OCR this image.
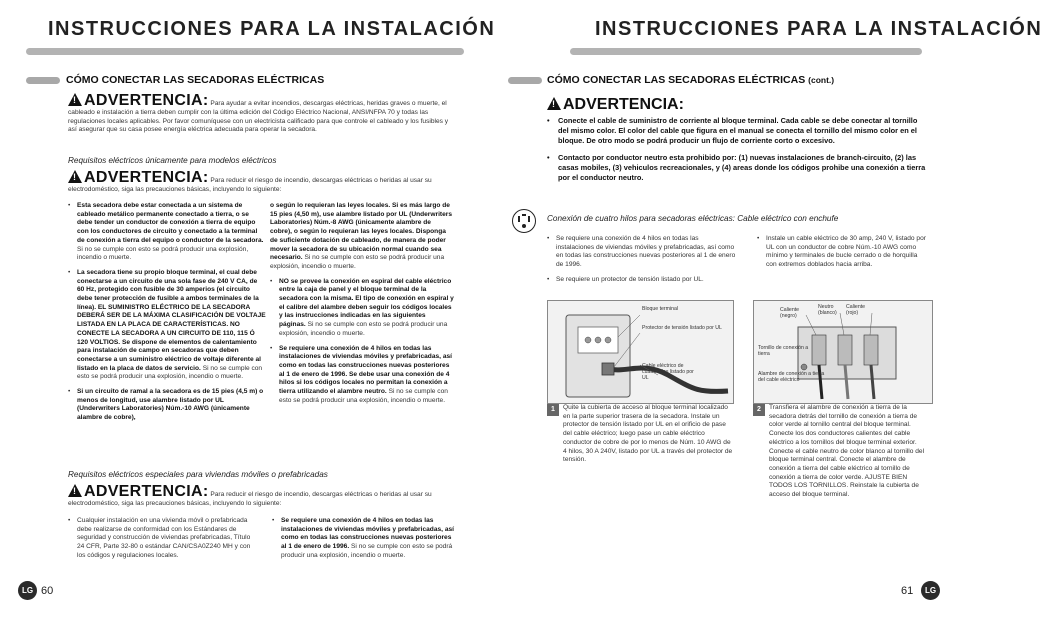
INSTRUCCIONES PARA LA INSTALACIÓN
CÓMO CONECTAR LAS SECADORAS ELÉCTRICAS
!ADVERTENCIA: Para ayudar a evitar incendios, descargas eléctricas, heridas graves o muerte, el cableado e instalación a tierra deben cumplir con la última edición del Código Eléctrico Nacional, ANSI/NFPA 70 y todas las regulaciones locales aplicables. Por favor comuníquese con un electricista calificado para que controle el cableado y los fusibles y así asegurar que su casa posee energía eléctrica adecuada para operar la secadora.
Requisitos eléctricos únicamente para modelos eléctricos
!ADVERTENCIA: Para reducir el riesgo de incendio, descargas eléctricas o heridas al usar su electrodoméstico, siga las precauciones básicas, incluyendo lo siguiente:
• Esta secadora debe estar conectada a un sistema de cableado metálico permanente conectado a tierra, o se debe tender un conductor de conexión a tierra de equipo con los conductores de circuito y conectado a la terminal de conexión a tierra del equipo o conductor de la secadora. Si no se cumple con esto se podrá producir una explosión, incendio o muerte.
• La secadora tiene su propio bloque terminal, el cual debe conectarse a un circuito de una sola fase de 240 V CA, de 60 Hz, protegido con fusible de 30 amperios (el circuito debe tener protección de fusible a ambos terminales de la línea). EL SUMINISTRO ELÉCTRICO DE LA SECADORA DEBERÁ SER DE LA MÁXIMA CLASIFICACIÓN DE VOLTAJE LISTADA EN LA PLACA DE CARACTERÍSTICAS. NO CONECTE LA SECADORA A UN CIRCUITO DE 110, 115 Ó 120 VOLTIOS. Se dispone de elementos de calentamiento para instalación de campo en secadoras que deben conectarse a un suministro eléctrico de voltaje diferente al listado en la placa de datos de servicio. Si no se cumple con esto se podrá producir una explosión, incendio o muerte.
• Si un circuito de ramal a la secadora es de 15 pies (4,5 m) o menos de longitud, use alambre listado por UL (Underwriters Laboratories) Núm.-10 AWG (únicamente alambre de cobre),
o según lo requieran las leyes locales. Si es más largo de 15 pies (4,50 m), use alambre listado por UL (Underwriters Laboratories) Núm.-8 AWG (únicamente alambre de cobre), o según lo requieran las leyes locales. Disponga de suficiente dotación de cableado, de manera de poder mover la secadora de su ubicación normal cuando sea necesario. Si no se cumple con esto se podrá producir una explosión, incendio o muerte.
• NO se provee la conexión en espiral del cable eléctrico entre la caja de panel y el bloque terminal de la secadora con la misma. El tipo de conexión en espiral y el calibre del alambre deben seguir los códigos locales y las instrucciones indicadas en las siguientes páginas. Si no se cumple con esto se podrá producir una explosión, incendio o muerte.
• Se requiere una conexión de 4 hilos en todas las instalaciones de viviendas móviles y prefabricadas, así como en todas las construcciones nuevas posteriores al 1 de enero de 1996. Se debe usar una conexión de 4 hilos si los códigos locales no permitan la conexión a tierra utilizando el alambre neutro. Si no se cumple con esto se podrá producir una explosión, incendio o muerte.
Requisitos eléctricos especiales para viviendas móviles o prefabricadas
!ADVERTENCIA: Para reducir el riesgo de incendio, descargas eléctricas o heridas al usar su electrodoméstico, siga las precauciones básicas, incluyendo lo siguiente:
• Cualquier instalación en una vivienda móvil o prefabricada debe realizarse de conformidad con los Estándares de seguridad y construcción de viviendas prefabricadas, Título 24 CFR, Parte 32-80 o estándar CAN/CSA0Z240 MH y con los códigos y regulaciones locales.
• Se requiere una conexión de 4 hilos en todas las instalaciones de viviendas móviles y prefabricadas, así como en todas las construcciones nuevas posteriores al 1 de enero de 1996. Si no se cumple con esto se podrá producir una explosión, incendio o muerte.
LG 60
INSTRUCCIONES PARA LA INSTALACIÓN
CÓMO CONECTAR LAS SECADORAS ELÉCTRICAS (cont.)
!ADVERTENCIA:
• Conecte el cable de suministro de corriente al bloque terminal. Cada cable se debe conectar al tornillo del mismo color. El color del cable que figura en el manual se conecta el tornillo del mismo color en el bloque. De otro modo se podrá producir un flujo de corriente corto o excesivo.
• Contacto por conductor neutro esta prohibido por: (1) nuevas instalaciones de branch-circuito, (2) las casas mobiles, (3) vehiculos recreacionales, y (4) areas donde los códigos prohibe una conexión a tierra por el conductor neutro.
Conexión de cuatro hilos para secadoras eléctricas: Cable eléctrico con enchufe
• Se requiere una conexión de 4 hilos en todas las instalaciones de viviendas móviles y prefabricadas, así como en todas las construcciones nuevas posteriores al 1 de enero de 1996.
• Se requiere un protector de tensión listado por UL.
• Instale un cable eléctrico de 30 amp, 240 V, listado por UL con un conductor de cobre Núm.-10 AWG como mínimo y terminales de bucle cerrado o de horquilla con extremos doblados hacia arriba.
Bloque terminal
Protector de tensión listado por UL
Cable eléctrico de cuatro hilos listado por UL
1	Quite la cubierta de acceso al bloque terminal localizado en la parte superior trasera de la secadora. Instale un protector de tensión listado por UL en el orificio de pase del cable eléctrico; luego pase un cable eléctrico conductor de cobre de por lo menos de Núm. 10 AWG de 4 hilos, 30 A 240V, listado por UL a través del protector de tensión.
Caliente (negro)
Neutro (blanco)
Caliente (rojo)
Tornillo de conexión a tierra
Alambre de conexión a tierra del cable eléctrico
2	Transfiera el alambre de conexión a tierra de la secadora detrás del tornillo de conexión a tierra de color verde al tornillo central del bloque terminal. Conecte los dos conductores calientes del cable eléctrico a los tornillos del bloque terminal exterior. Conecte el cable neutro de color blanco al tornillo del bloque terminal central. Conecte el alambre de conexión a tierra del cable eléctrico al tornillo de conexión a tierra de color verde. AJUSTE BIEN TODOS LOS TORNILLOS. Reinstale la cubierta de acceso del bloque terminal.
61	LG
